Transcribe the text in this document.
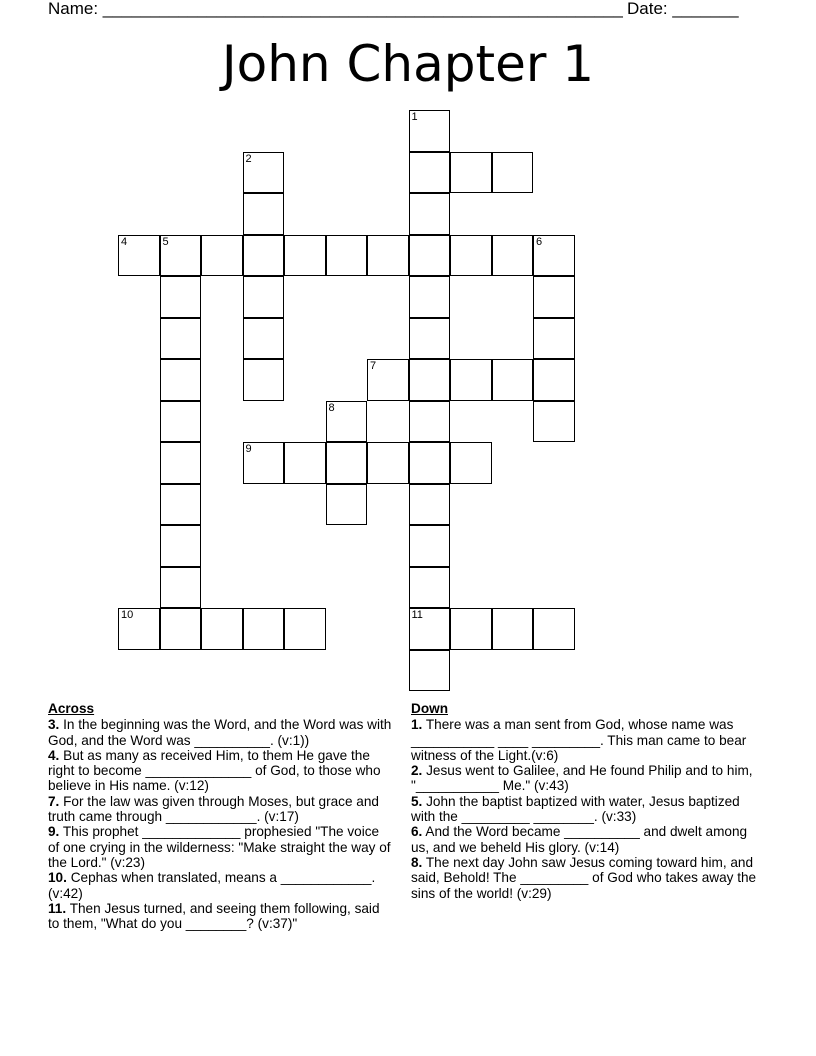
Name: _______________________________________________________ Date: _______
John Chapter 1
4	5	6
7
9
10	11
1
2
8
Across

3. In the beginning was the Word, and the Word was with God, and the Word was __________. (v:1))

4. But as many as received Him, to them He gave the right to become ______________ of God, to those who believe in His name. (v:12)

7. For the law was given through Moses, but grace and truth came through ____________. (v:17)

9. This prophet _____________ prophesied "The voice of one crying in the wilderness: "Make straight the way of the Lord." (v:23)

10. Cephas when translated, means a ____________. (v:42)

11. Then Jesus turned, and seeing them following, said to them, "What do you ________? (v:37)"

Down

1. There was a man sent from God, whose name was ___________ ____ _________. This man came to bear witness of the Light.(v:6)

2. Jesus went to Galilee, and He found Philip and to him, "___________ Me." (v:43)

5. John the baptist baptized with water, Jesus baptized with the _________ ________. (v:33)

6. And the Word became __________ and dwelt among us, and we beheld His glory. (v:14)

8. The next day John saw Jesus coming toward him, and said, Behold! The _________ of God who takes away the sins of the world! (v:29)
